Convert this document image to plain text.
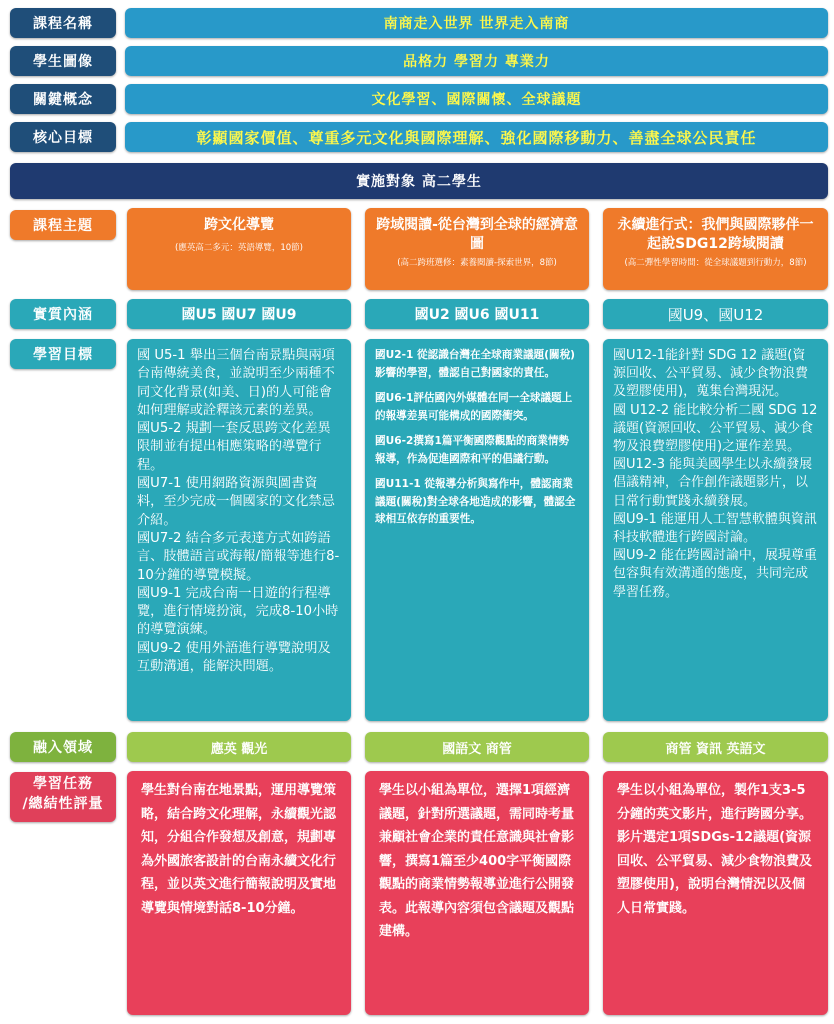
課程名稱
學生圖像
關鍵概念
核心目標
課程主題
實質內涵
學習目標
融入領域
學習任務
/總結性評量
南商走入世界 世界走入南商
品格力 學習力 專業力
文化學習、國際關懷、全球議題
彰顯國家價值、尊重多元文化與國際理解、強化國際移動力、善盡全球公民責任
實施對象 高二學生
跨文化導覽
(應英高二多元：英語導覽，10節)
國U5 國U7 國U9

國 U5-1 舉出三個台南景點與兩項台南傳統美食，並說明至少兩種不同文化背景(如美、日)的人可能會如何理解或詮釋該元素的差異。

國U5-2 規劃一套反思跨文化差異限制並有提出相應策略的導覽行程。

國U7-1 使用網路資源與圖書資料，至少完成一個國家的文化禁忌介紹。

國U7-2 結合多元表達方式如跨語言、肢體語言或海報/簡報等進行8-10分鐘的導覽模擬。

國U9-1 完成台南一日遊的行程導覽，進行情境扮演，完成8-10小時的導覽演練。

國U9-2 使用外語進行導覽說明及互動溝通，能解決問題。

應英 觀光
學生對台南在地景點，運用導覽策略，結合跨文化理解，永續觀光認知，分組合作發想及創意，規劃專為外國旅客設計的台南永續文化行程，並以英文進行簡報說明及實地導覽與情境對話8-10分鐘。
跨域閱讀-從台灣到全球的經濟意圖
(高二跨班選修：素養閱讀-探索世界，8節)
國U2 國U6 國U11

國U2-1 從認識台灣在全球商業議題(關稅)影響的學習，體認自己對國家的責任。

國U6-1評估國內外媒體在同一全球議題上的報導差異可能構成的國際衝突。

國U6-2撰寫1篇平衡國際觀點的商業情勢報導，作為促進國際和平的倡議行動。

國U11-1 從報導分析與寫作中，體認商業議題(關稅)對全球各地造成的影響，體認全球相互依存的重要性。

國語文 商管
學生以小組為單位，選擇1項經濟議題，針對所選議題，需同時考量兼顧社會企業的責任意識與社會影響，撰寫1篇至少400字平衡國際觀點的商業情勢報導並進行公開發表。此報導內容須包含議題及觀點建構。
永續進行式：我們與國際夥伴一起說SDG12跨域閱讀
(高二彈性學習時間：從全球議題到行動力，8節)
國U9、國U12

國U12-1能針對 SDG 12 議題(資源回收、公平貿易、減少食物浪費及塑膠使用)，蒐集台灣現況。

國 U12-2 能比較分析二國 SDG 12 議題(資源回收、公平貿易、減少食物及浪費塑膠使用)之運作差異。

國U12-3 能與美國學生以永續發展倡議精神，合作創作議題影片，以日常行動實踐永續發展。

國U9-1 能運用人工智慧軟體與資訊科技軟體進行跨國討論。

國U9-2 能在跨國討論中，展現尊重包容與有效溝通的態度，共同完成學習任務。

商管 資訊 英語文
學生以小組為單位，製作1支3-5分鐘的英文影片，進行跨國分享。影片選定1項SDGs-12議題(資源回收、公平貿易、減少食物浪費及塑膠使用)，說明台灣情況以及個人日常實踐。
